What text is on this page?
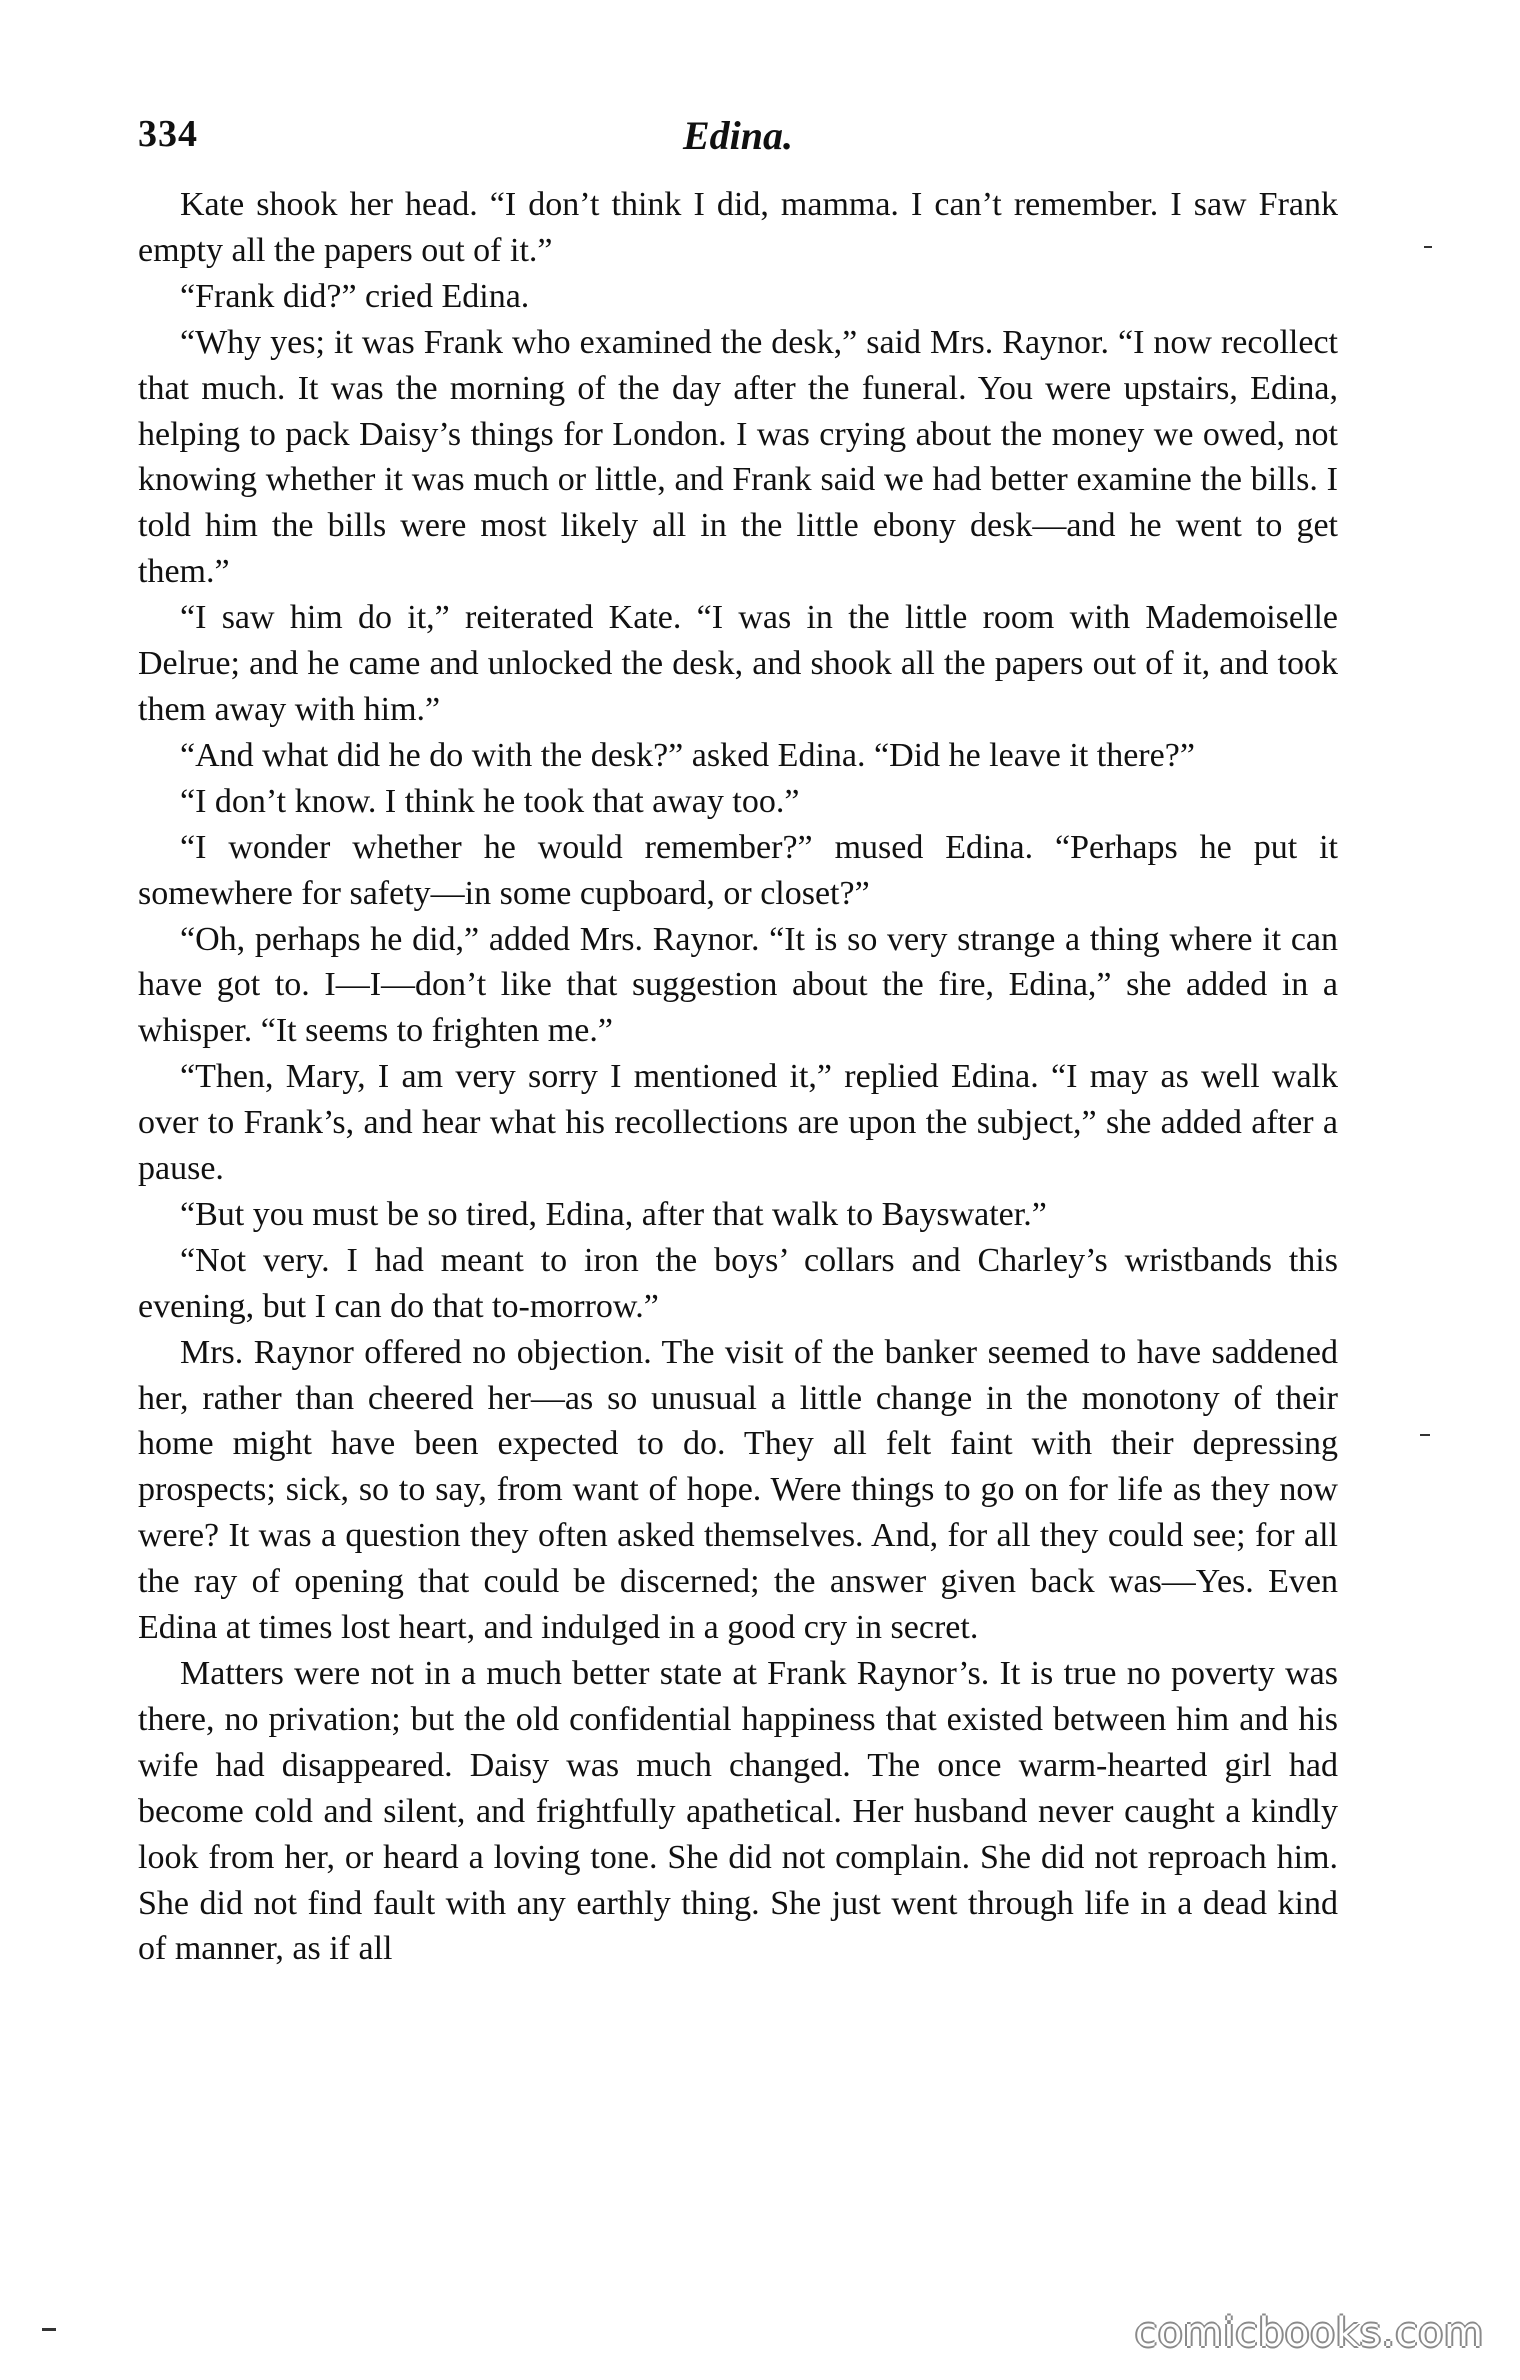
334	Edina.

Kate shook her head. “I don’t think I did, mamma. I can’t remember. I saw Frank empty all the papers out of it.”

“Frank did?” cried Edina.

“Why yes; it was Frank who examined the desk,” said Mrs. Raynor. “I now recollect that much. It was the morning of the day after the funeral. You were upstairs, Edina, helping to pack Daisy’s things for London. I was crying about the money we owed, not knowing whether it was much or little, and Frank said we had better examine the bills. I told him the bills were most likely all in the little ebony desk—and he went to get them.”

“I saw him do it,” reiterated Kate. “I was in the little room with Mademoiselle Delrue; and he came and unlocked the desk, and shook all the papers out of it, and took them away with him.”

“And what did he do with the desk?” asked Edina. “Did he leave it there?”

“I don’t know. I think he took that away too.”

“I wonder whether he would remember?” mused Edina. “Perhaps he put it somewhere for safety—in some cupboard, or closet?”

“Oh, perhaps he did,” added Mrs. Raynor. “It is so very strange a thing where it can have got to. I—I—don’t like that suggestion about the fire, Edina,” she added in a whisper. “It seems to frighten me.”

“Then, Mary, I am very sorry I mentioned it,” replied Edina. “I may as well walk over to Frank’s, and hear what his recollections are upon the subject,” she added after a pause.

“But you must be so tired, Edina, after that walk to Bayswater.”

“Not very. I had meant to iron the boys’ collars and Charley’s wristbands this evening, but I can do that to-morrow.”

Mrs. Raynor offered no objection. The visit of the banker seemed to have saddened her, rather than cheered her—as so unusual a little change in the monotony of their home might have been expected to do. They all felt faint with their depressing prospects; sick, so to say, from want of hope. Were things to go on for life as they now were? It was a question they often asked themselves. And, for all they could see; for all the ray of opening that could be discerned; the answer given back was—Yes. Even Edina at times lost heart, and indulged in a good cry in secret.

Matters were not in a much better state at Frank Raynor’s. It is true no poverty was there, no privation; but the old confidential happiness that existed between him and his wife had disappeared. Daisy was much changed. The once warm-hearted girl had become cold and silent, and frightfully apathetical. Her husband never caught a kindly look from her, or heard a loving tone. She did not complain. She did not reproach him. She did not find fault with any earthly thing. She just went through life in a dead kind of manner, as if all

comicbooks.com
